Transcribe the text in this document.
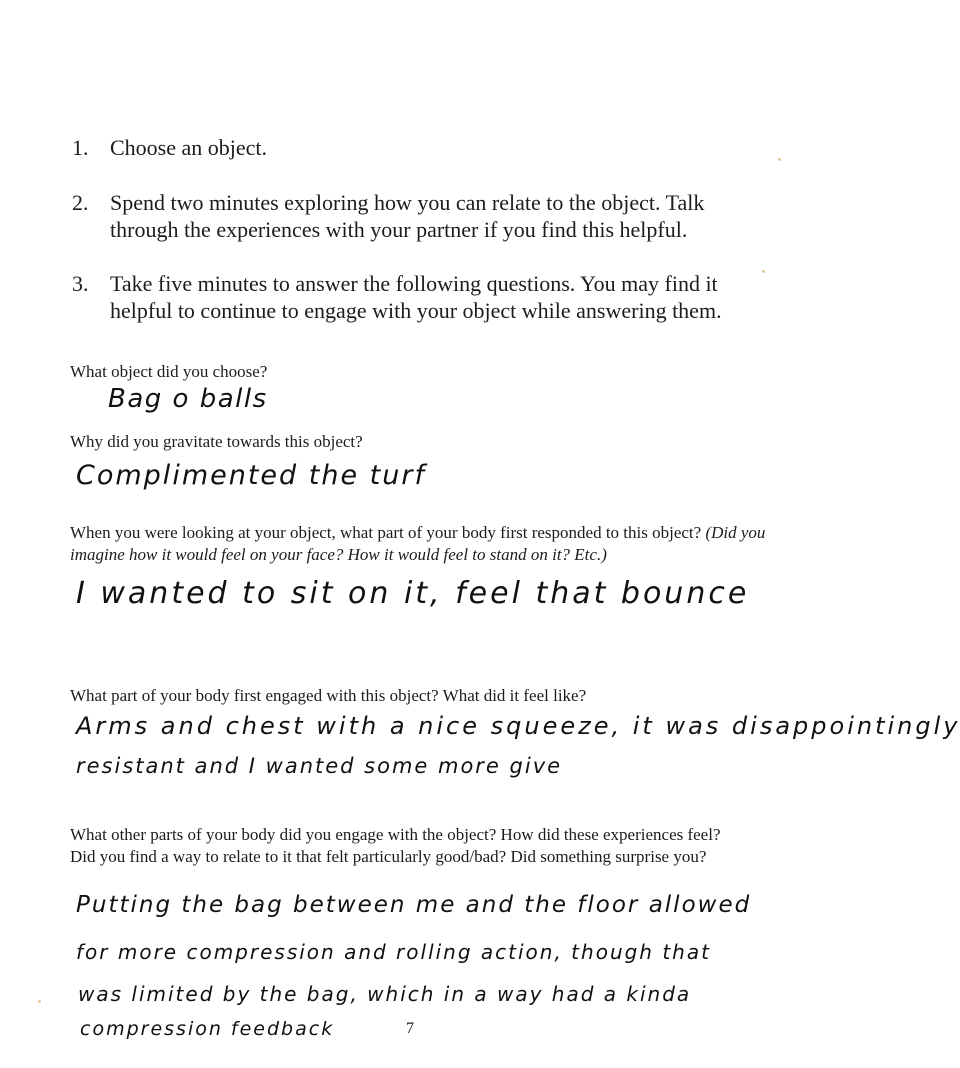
1. Choose an object.
2. Spend two minutes exploring how you can relate to the object. Talk through the experiences with your partner if you find this helpful.
3. Take five minutes to answer the following questions. You may find it helpful to continue to engage with your object while answering them.
What object did you choose?
Bag o balls
Why did you gravitate towards this object?
Complimented the turf
When you were looking at your object, what part of your body first responded to this object? (Did you imagine how it would feel on your face? How it would feel to stand on it? Etc.)
I wanted to sit on it, feel that bounce
What part of your body first engaged with this object? What did it feel like?
Arms and chest with a nice squeeze, it was disappointingly
resistant and I wanted some more give
What other parts of your body did you engage with the object? How did these experiences feel? Did you find a way to relate to it that felt particularly good/bad? Did something surprise you?
Putting the bag between me and the floor allowed
for more compression and rolling action, though that
was limited by the bag, which in a way had a kinda
compression feedback	7
